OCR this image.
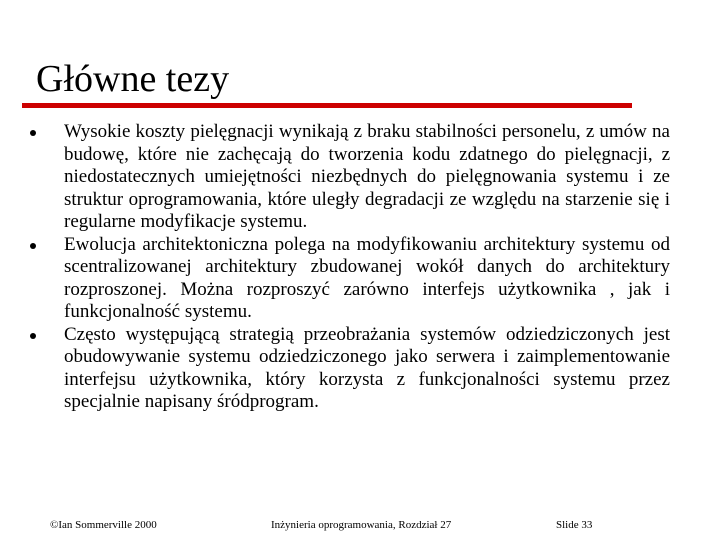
Główne tezy
Wysokie koszty pielęgnacji wynikają z braku stabilności personelu, z umów na budowę, które nie zachęcają do tworzenia kodu zdatnego do pielęgnacji, z niedostatecznych umiejętności niezbędnych do pielęgnowania systemu i ze struktur oprogramowania, które uległy degradacji ze względu na starzenie się i regularne modyfikacje systemu.
Ewolucja architektoniczna polega na modyfikowaniu architektury systemu od scentralizowanej architektury zbudowanej wokół danych do architektury rozproszonej. Można rozproszyć zarówno interfejs użytkownika , jak i funkcjonalność systemu.
Często występującą strategią przeobrażania systemów odziedziczonych jest obudowywanie systemu odziedziczonego jako serwera i zaimplementowanie interfejsu użytkownika, który korzysta z funkcjonalności systemu przez specjalnie napisany śródprogram.
©Ian Sommerville 2000	Inżynieria oprogramowania, Rozdział 27	Slide 33
